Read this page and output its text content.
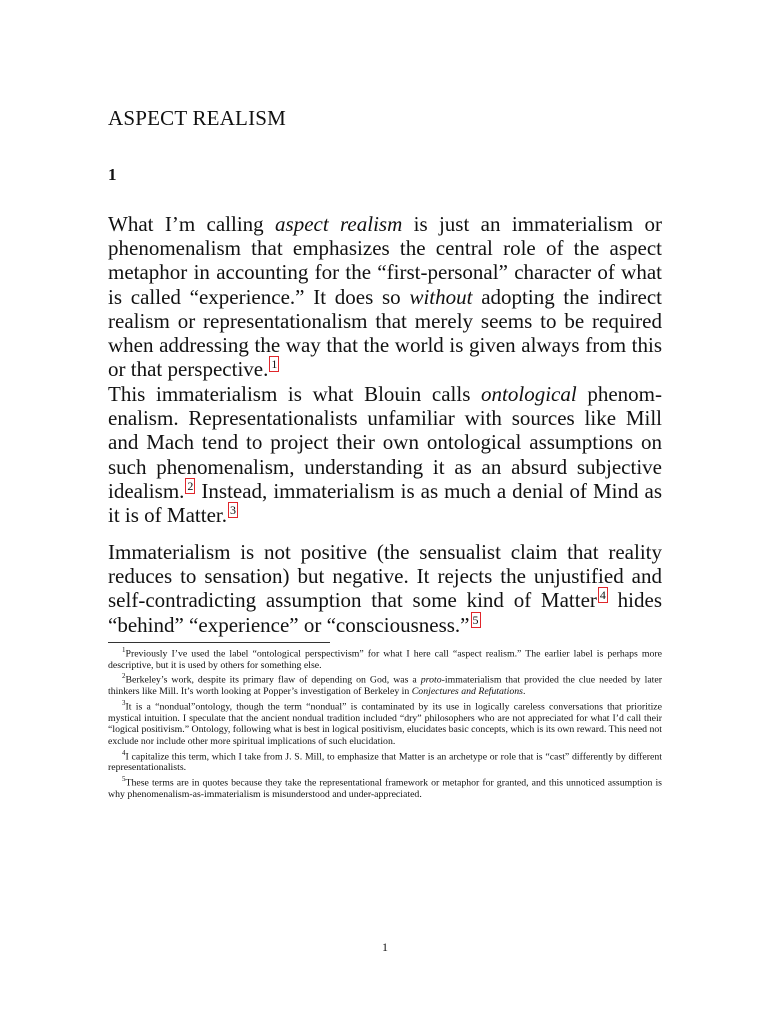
ASPECT REALISM
1
What I’m calling aspect realism is just an immaterialism or phenomenalism that emphasizes the central role of the aspect metaphor in accounting for the “first-personal” character of what is called “experience.” It does so without adopting the indirect realism or representationalism that merely seems to be required when addressing the way that the world is given always from this or that perspective. $^1$
This immaterialism is what Blouin calls ontological phenomenalism. Representationalists unfamiliar with sources like Mill and Mach tend to project their own ontological assumptions on such phenomenalism, understanding it as an absurd subjective idealism. $^2$ Instead, immaterialism is as much a denial of Mind as it is of Matter. $^3$
Immaterialism is not positive (the sensualist claim that reality reduces to sensation) but negative. It rejects the unjustified and self-contradicting assumption that some kind of Matter $^4$ hides “behind” “experience” or “consciousness.” $^5$

$^1$Previously I’ve used the label “ontological perspectivism” for what I here call “aspect realism.” The earlier label is perhaps more descriptive, but it is used by others for something else.

$^2$Berkeley’s work, despite its primary flaw of depending on God, was a proto-immaterialism that provided the clue needed by later thinkers like Mill. It’s worth looking at Popper’s investigation of Berkeley in Conjectures and Refutations.

$^3$It is a “nondual”ontology, though the term “nondual” is contaminated by its use in logically careless conversations that prioritize mystical intuition. I speculate that the ancient nondual tradition included “dry” philosophers who are not appreciated for what I’d call their “logical positivism.” Ontology, following what is best in logical positivism, elucidates basic concepts, which is its own reward. This need not exclude nor include other more spiritual implications of such elucidation.

$^4$I capitalize this term, which I take from J. S. Mill, to emphasize that Matter is an archetype or role that is “cast” differently by different representationalists.

$^5$These terms are in quotes because they take the representational framework or metaphor for granted, and this unnoticed assumption is why phenomenalism-as-immaterialism is misunderstood and under-appreciated.

1
